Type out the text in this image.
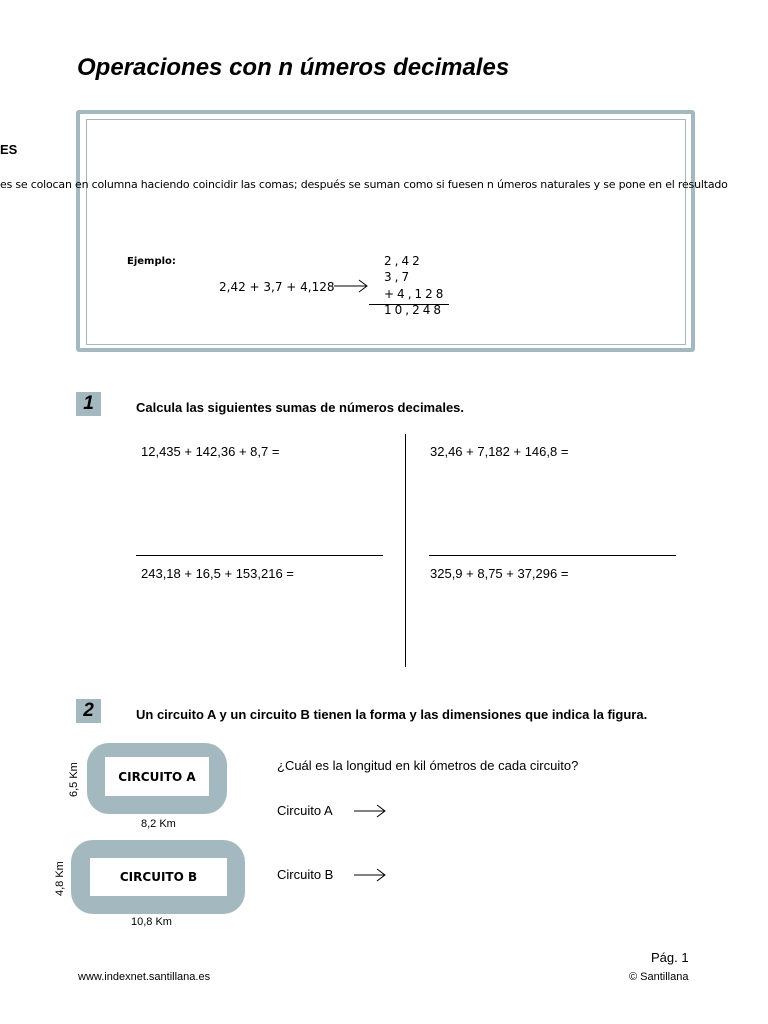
Operaciones con n úmeros decimales
ES
es se colocan en columna haciendo coincidir las comas; después se suman como si fuesen n úmeros naturales y se pone en el resultado
Ejemplo:
2,42 + 3,7 + 4,128
2,42
3,7
+4,128
10,248
1	Calcula las siguientes sumas de números decimales.
12,435 + 142,36 + 8,7 =	32,46 + 7,182 + 146,8 =
243,18 + 16,5 + 153,216 =	325,9 + 8,75 + 37,296 =
2	Un circuito A y un circuito B tienen la forma y las dimensiones que indica la figura.
CIRCUITO A
6,5 Km
8,2 Km
CIRCUITO B
4,8 Km
10,8 Km
¿Cuál es la longitud en kil ómetros de cada circuito?
Circuito A
Circuito B
Pág. 1
www.indexnet.santillana.es	© Santillana
